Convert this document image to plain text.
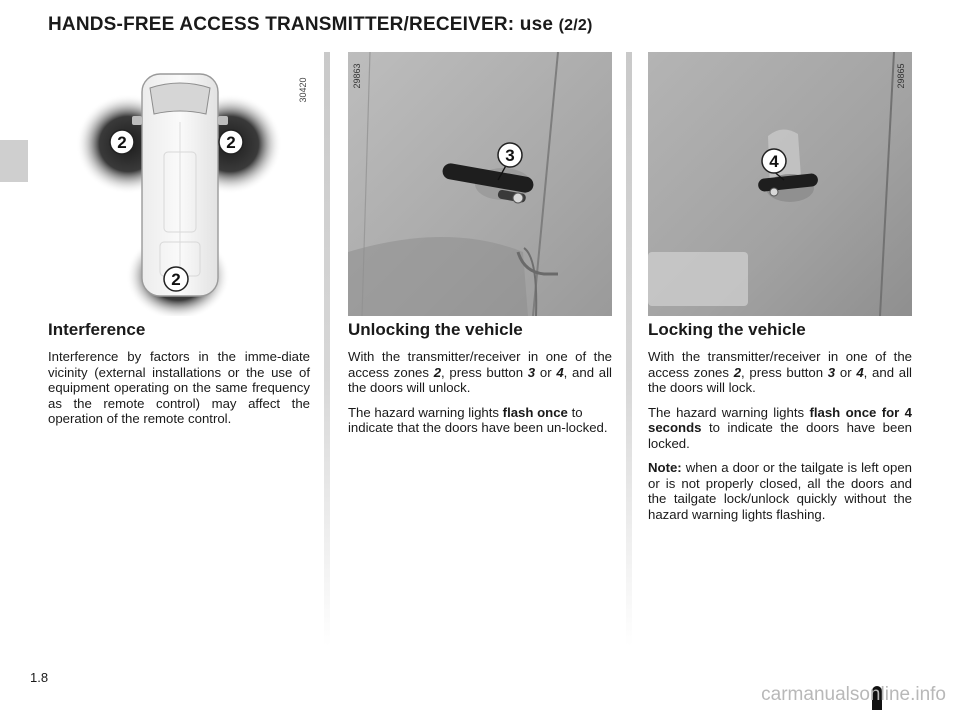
HANDS-FREE ACCESS TRANSMITTER/RECEIVER: use (2/2)
2	2
2
30420
3
29863
4
29865
Interference

Interference by factors in the imme-diate vicinity (external installations or the use of equipment operating on the same frequency as the remote control) may affect the operation of the remote control.

Unlocking the vehicle

With the transmitter/receiver in one of the access zones 2, press button 3 or 4, and all the doors will unlock.

The hazard warning lights flash once to indicate that the doors have been un-locked.

Locking the vehicle

With the transmitter/receiver in one of the access zones 2, press button 3 or 4, and all the doors will lock.

The hazard warning lights flash once for 4 seconds to indicate the doors have been locked.

Note: when a door or the tailgate is left open or is not properly closed, all the doors and the tailgate lock/unlock quickly without the hazard warning lights flashing.

1.8
carmanualsonline.info
